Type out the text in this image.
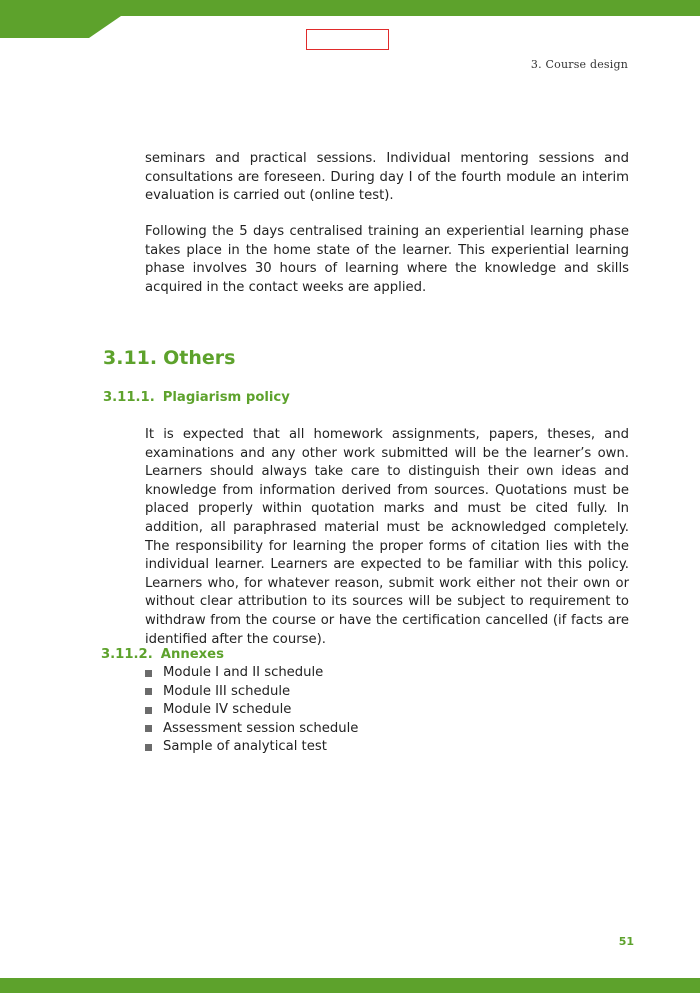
3. Course design

seminars and practical sessions. Individual mentoring sessions and consultations are foreseen. During day I of the fourth module an interim evaluation is carried out (online test).

Following the 5 days centralised training an experiential learning phase takes place in the home state of the learner. This experiential learning phase involves 30 hours of learning where the knowledge and skills acquired in the contact weeks are applied.

3.11. Others
3.11.1. Plagiarism policy

It is expected that all homework assignments, papers, theses, and examinations and any other work submitted will be the learner’s own. Learners should always take care to distinguish their own ideas and knowledge from information derived from sources. Quotations must be placed properly within quotation marks and must be cited fully. In addition, all paraphrased material must be acknowledged completely. The responsibility for learning the proper forms of citation lies with the individual learner. Learners are expected to be familiar with this policy. Learners who, for whatever reason, submit work either not their own or without clear attribution to its sources will be subject to requirement to withdraw from the course or have the certification cancelled (if facts are identified after the course).

3.11.2. Annexes
Module I and II schedule
Module III schedule
Module IV schedule
Assessment session schedule
Sample of analytical test
51
